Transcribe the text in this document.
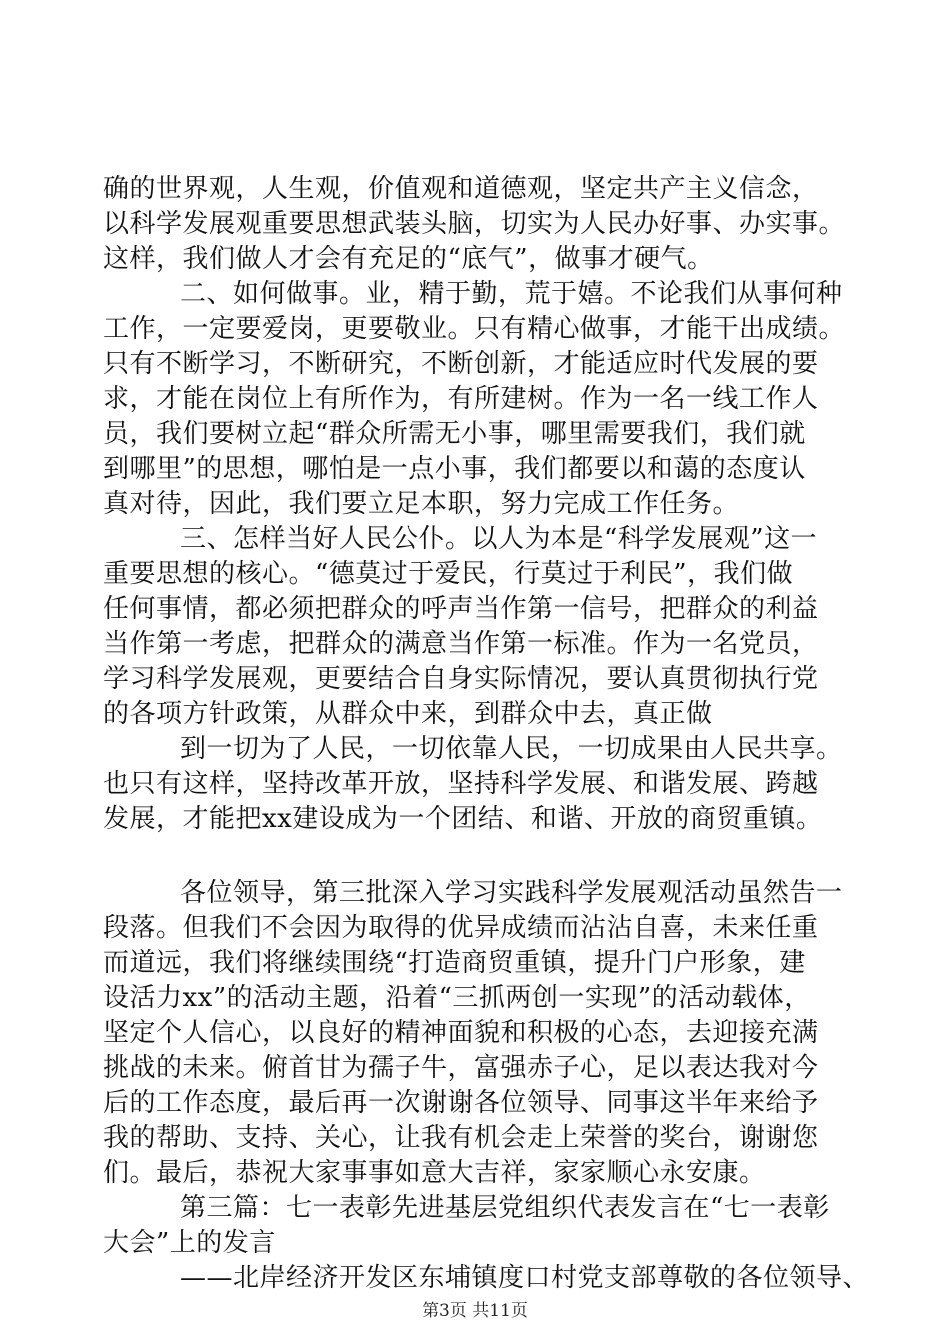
确的世界观，人生观，价值观和道德观，坚定共产主义信念，
以科学发展观重要思想武装头脑，切实为人民办好事、办实事。
这样，我们做人才会有充足的“底气”，做事才硬气。
二、如何做事。业，精于勤，荒于嬉。不论我们从事何种
工作，一定要爱岗，更要敬业。只有精心做事，才能干出成绩。
只有不断学习，不断研究，不断创新，才能适应时代发展的要
求，才能在岗位上有所作为，有所建树。作为一名一线工作人
员，我们要树立起“群众所需无小事，哪里需要我们，我们就
到哪里”的思想，哪怕是一点小事，我们都要以和蔼的态度认
真对待，因此，我们要立足本职，努力完成工作任务。
三、怎样当好人民公仆。以人为本是“科学发展观”这一
重要思想的核心。“德莫过于爱民，行莫过于利民”，我们做
任何事情，都必须把群众的呼声当作第一信号，把群众的利益
当作第一考虑，把群众的满意当作第一标准。作为一名党员，
学习科学发展观，更要结合自身实际情况，要认真贯彻执行党
的各项方针政策，从群众中来，到群众中去，真正做
到一切为了人民，一切依靠人民，一切成果由人民共享。
也只有这样，坚持改革开放，坚持科学发展、和谐发展、跨越
发展，才能把xx建设成为一个团结、和谐、开放的商贸重镇。
各位领导，第三批深入学习实践科学发展观活动虽然告一
段落。但我们不会因为取得的优异成绩而沾沾自喜，未来任重
而道远，我们将继续围绕“打造商贸重镇，提升门户形象，建
设活力xx”的活动主题，沿着“三抓两创一实现”的活动载体，
坚定个人信心，以良好的精神面貌和积极的心态，去迎接充满
挑战的未来。俯首甘为孺子牛，富强赤子心，足以表达我对今
后的工作态度，最后再一次谢谢各位领导、同事这半年来给予
我的帮助、支持、关心，让我有机会走上荣誉的奖台，谢谢您
们。最后，恭祝大家事事如意大吉祥，家家顺心永安康。
第三篇：七一表彰先进基层党组织代表发言在“七一表彰
大会”上的发言
——北岸经济开发区东埔镇度口村党支部尊敬的各位领导、
第3页 共11页
